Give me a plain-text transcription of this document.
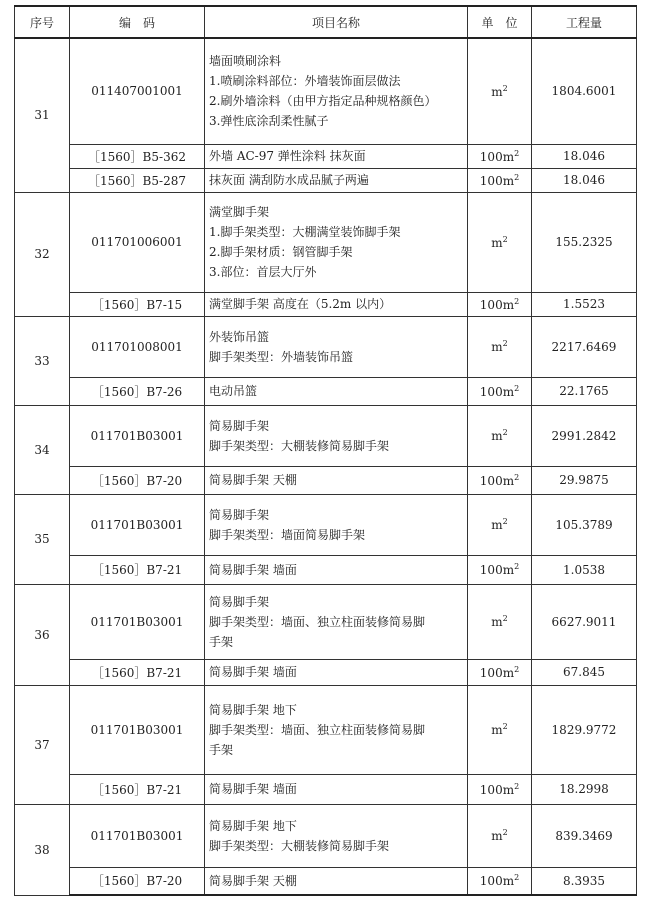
序号	编　码	项目名称	单　位	工程量
31	011407001001	墙面喷刷涂料
1.喷刷涂料部位：外墙装饰面层做法
2.刷外墙涂料（由甲方指定品种规格颜色）
3.弹性底涂刮柔性腻子	$m^2$	1804.6001
	［1560］B5-362	外墙 AC-97 弹性涂料 抹灰面	$100m^2$	18.046
	［1560］B5-287	抹灰面 满刮防水成品腻子两遍	$100m^2$	18.046
32	011701006001	满堂脚手架
1.脚手架类型：大棚满堂装饰脚手架
2.脚手架材质：钢管脚手架
3.部位：首层大厅外	$m^2$	155.2325
	［1560］B7-15	满堂脚手架 高度在（5.2m 以内）	$100m^2$	1.5523
33	011701008001	外装饰吊篮
脚手架类型：外墙装饰吊篮	$m^2$	2217.6469
	［1560］B7-26	电动吊篮	$100m^2$	22.1765
34	011701B03001	简易脚手架
脚手架类型：大棚装修简易脚手架	$m^2$	2991.2842
	［1560］B7-20	简易脚手架 天棚	$100m^2$	29.9875
35	011701B03001	简易脚手架
脚手架类型：墙面简易脚手架	$m^2$	105.3789
	［1560］B7-21	简易脚手架 墙面	$100m^2$	1.0538
36	011701B03001	简易脚手架
脚手架类型：墙面、独立柱面装修简易脚
手架	$m^2$	6627.9011
	［1560］B7-21	简易脚手架 墙面	$100m^2$	67.845
37	011701B03001	简易脚手架 地下
脚手架类型：墙面、独立柱面装修简易脚
手架	$m^2$	1829.9772
	［1560］B7-21	简易脚手架 墙面	$100m^2$	18.2998
38	011701B03001	简易脚手架 地下
脚手架类型：大棚装修简易脚手架	$m^2$	839.3469
	［1560］B7-20	简易脚手架 天棚	$100m^2$	8.3935
